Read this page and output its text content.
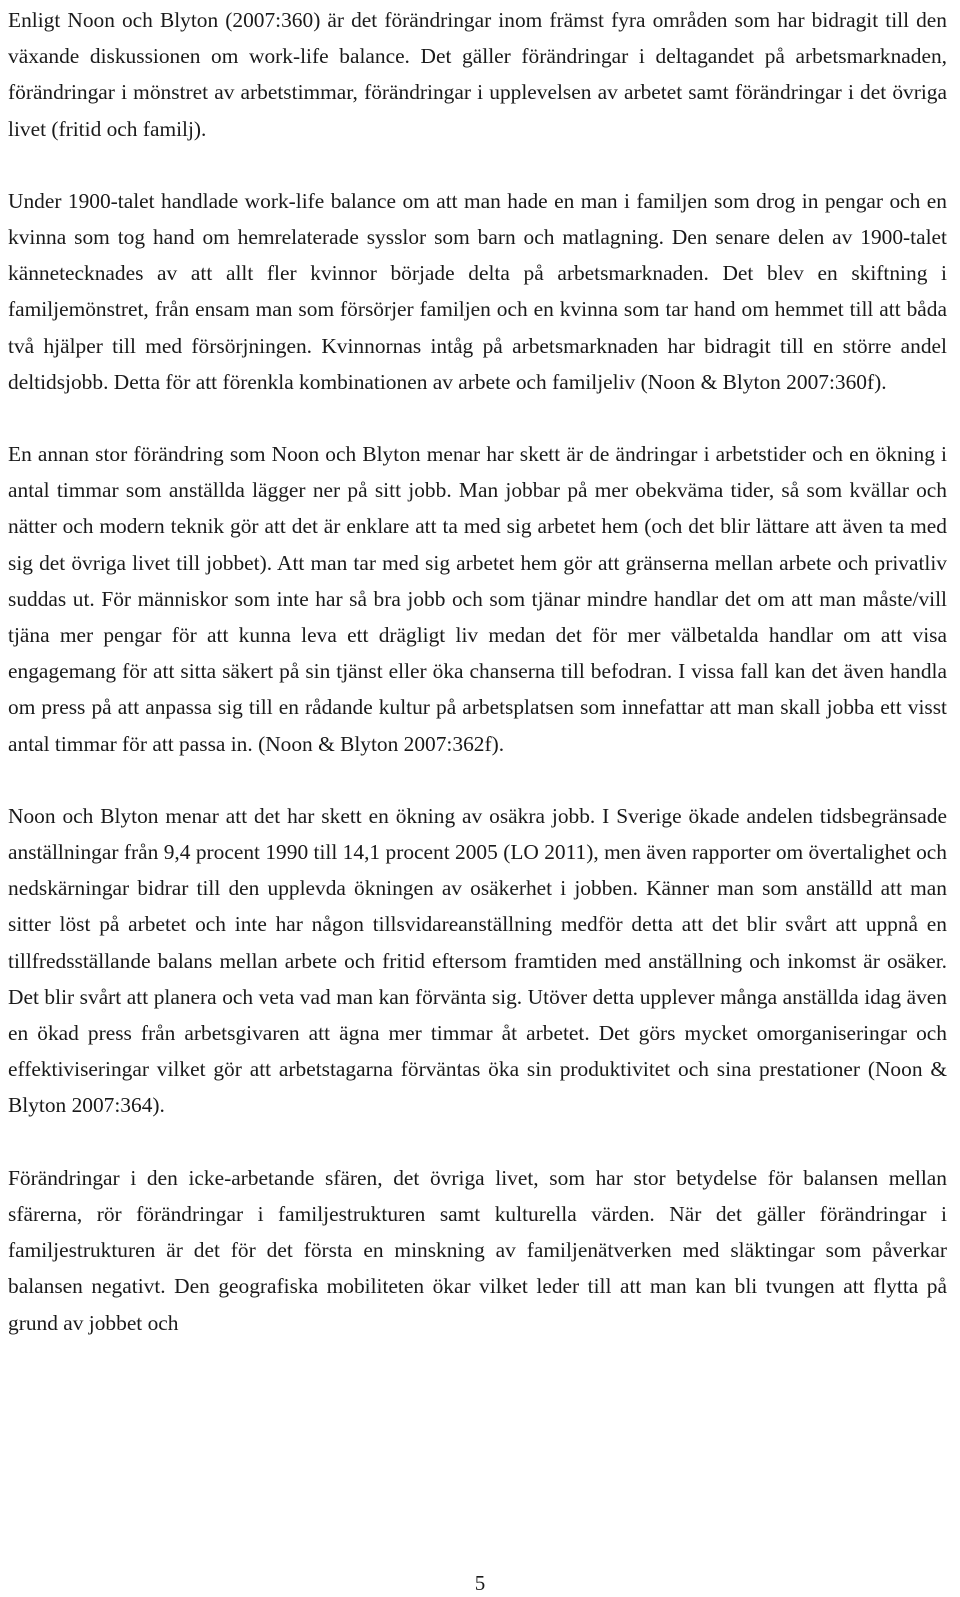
Enligt Noon och Blyton (2007:360) är det förändringar inom främst fyra områden som har bidragit till den växande diskussionen om work-life balance. Det gäller förändringar i deltagandet på arbetsmarknaden, förändringar i mönstret av arbetstimmar, förändringar i upplevelsen av arbetet samt förändringar i det övriga livet (fritid och familj).

Under 1900-talet handlade work-life balance om att man hade en man i familjen som drog in pengar och en kvinna som tog hand om hemrelaterade sysslor som barn och matlagning. Den senare delen av 1900-talet kännetecknades av att allt fler kvinnor började delta på arbetsmarknaden. Det blev en skiftning i familjemönstret, från ensam man som försörjer familjen och en kvinna som tar hand om hemmet till att båda två hjälper till med försörjningen. Kvinnornas intåg på arbetsmarknaden har bidragit till en större andel deltidsjobb. Detta för att förenkla kombinationen av arbete och familjeliv (Noon & Blyton 2007:360f).

En annan stor förändring som Noon och Blyton menar har skett är de ändringar i arbetstider och en ökning i antal timmar som anställda lägger ner på sitt jobb. Man jobbar på mer obekväma tider, så som kvällar och nätter och modern teknik gör att det är enklare att ta med sig arbetet hem (och det blir lättare att även ta med sig det övriga livet till jobbet). Att man tar med sig arbetet hem gör att gränserna mellan arbete och privatliv suddas ut. För människor som inte har så bra jobb och som tjänar mindre handlar det om att man måste/vill tjäna mer pengar för att kunna leva ett drägligt liv medan det för mer välbetalda handlar om att visa engagemang för att sitta säkert på sin tjänst eller öka chanserna till befodran. I vissa fall kan det även handla om press på att anpassa sig till en rådande kultur på arbetsplatsen som innefattar att man skall jobba ett visst antal timmar för att passa in. (Noon & Blyton 2007:362f).

Noon och Blyton menar att det har skett en ökning av osäkra jobb. I Sverige ökade andelen tidsbegränsade anställningar från 9,4 procent 1990 till 14,1 procent 2005 (LO 2011), men även rapporter om övertalighet och nedskärningar bidrar till den upplevda ökningen av osäkerhet i jobben. Känner man som anställd att man sitter löst på arbetet och inte har någon tillsvidareanställning medför detta att det blir svårt att uppnå en tillfredsställande balans mellan arbete och fritid eftersom framtiden med anställning och inkomst är osäker. Det blir svårt att planera och veta vad man kan förvänta sig. Utöver detta upplever många anställda idag även en ökad press från arbetsgivaren att ägna mer timmar åt arbetet. Det görs mycket omorganiseringar och effektiviseringar vilket gör att arbetstagarna förväntas öka sin produktivitet och sina prestationer (Noon & Blyton 2007:364).

Förändringar i den icke-arbetande sfären, det övriga livet, som har stor betydelse för balansen mellan sfärerna, rör förändringar i familjestrukturen samt kulturella värden. När det gäller förändringar i familjestrukturen är det för det första en minskning av familjenätverken med släktingar som påverkar balansen negativt. Den geografiska mobiliteten ökar vilket leder till att man kan bli tvungen att flytta på grund av jobbet och

5
